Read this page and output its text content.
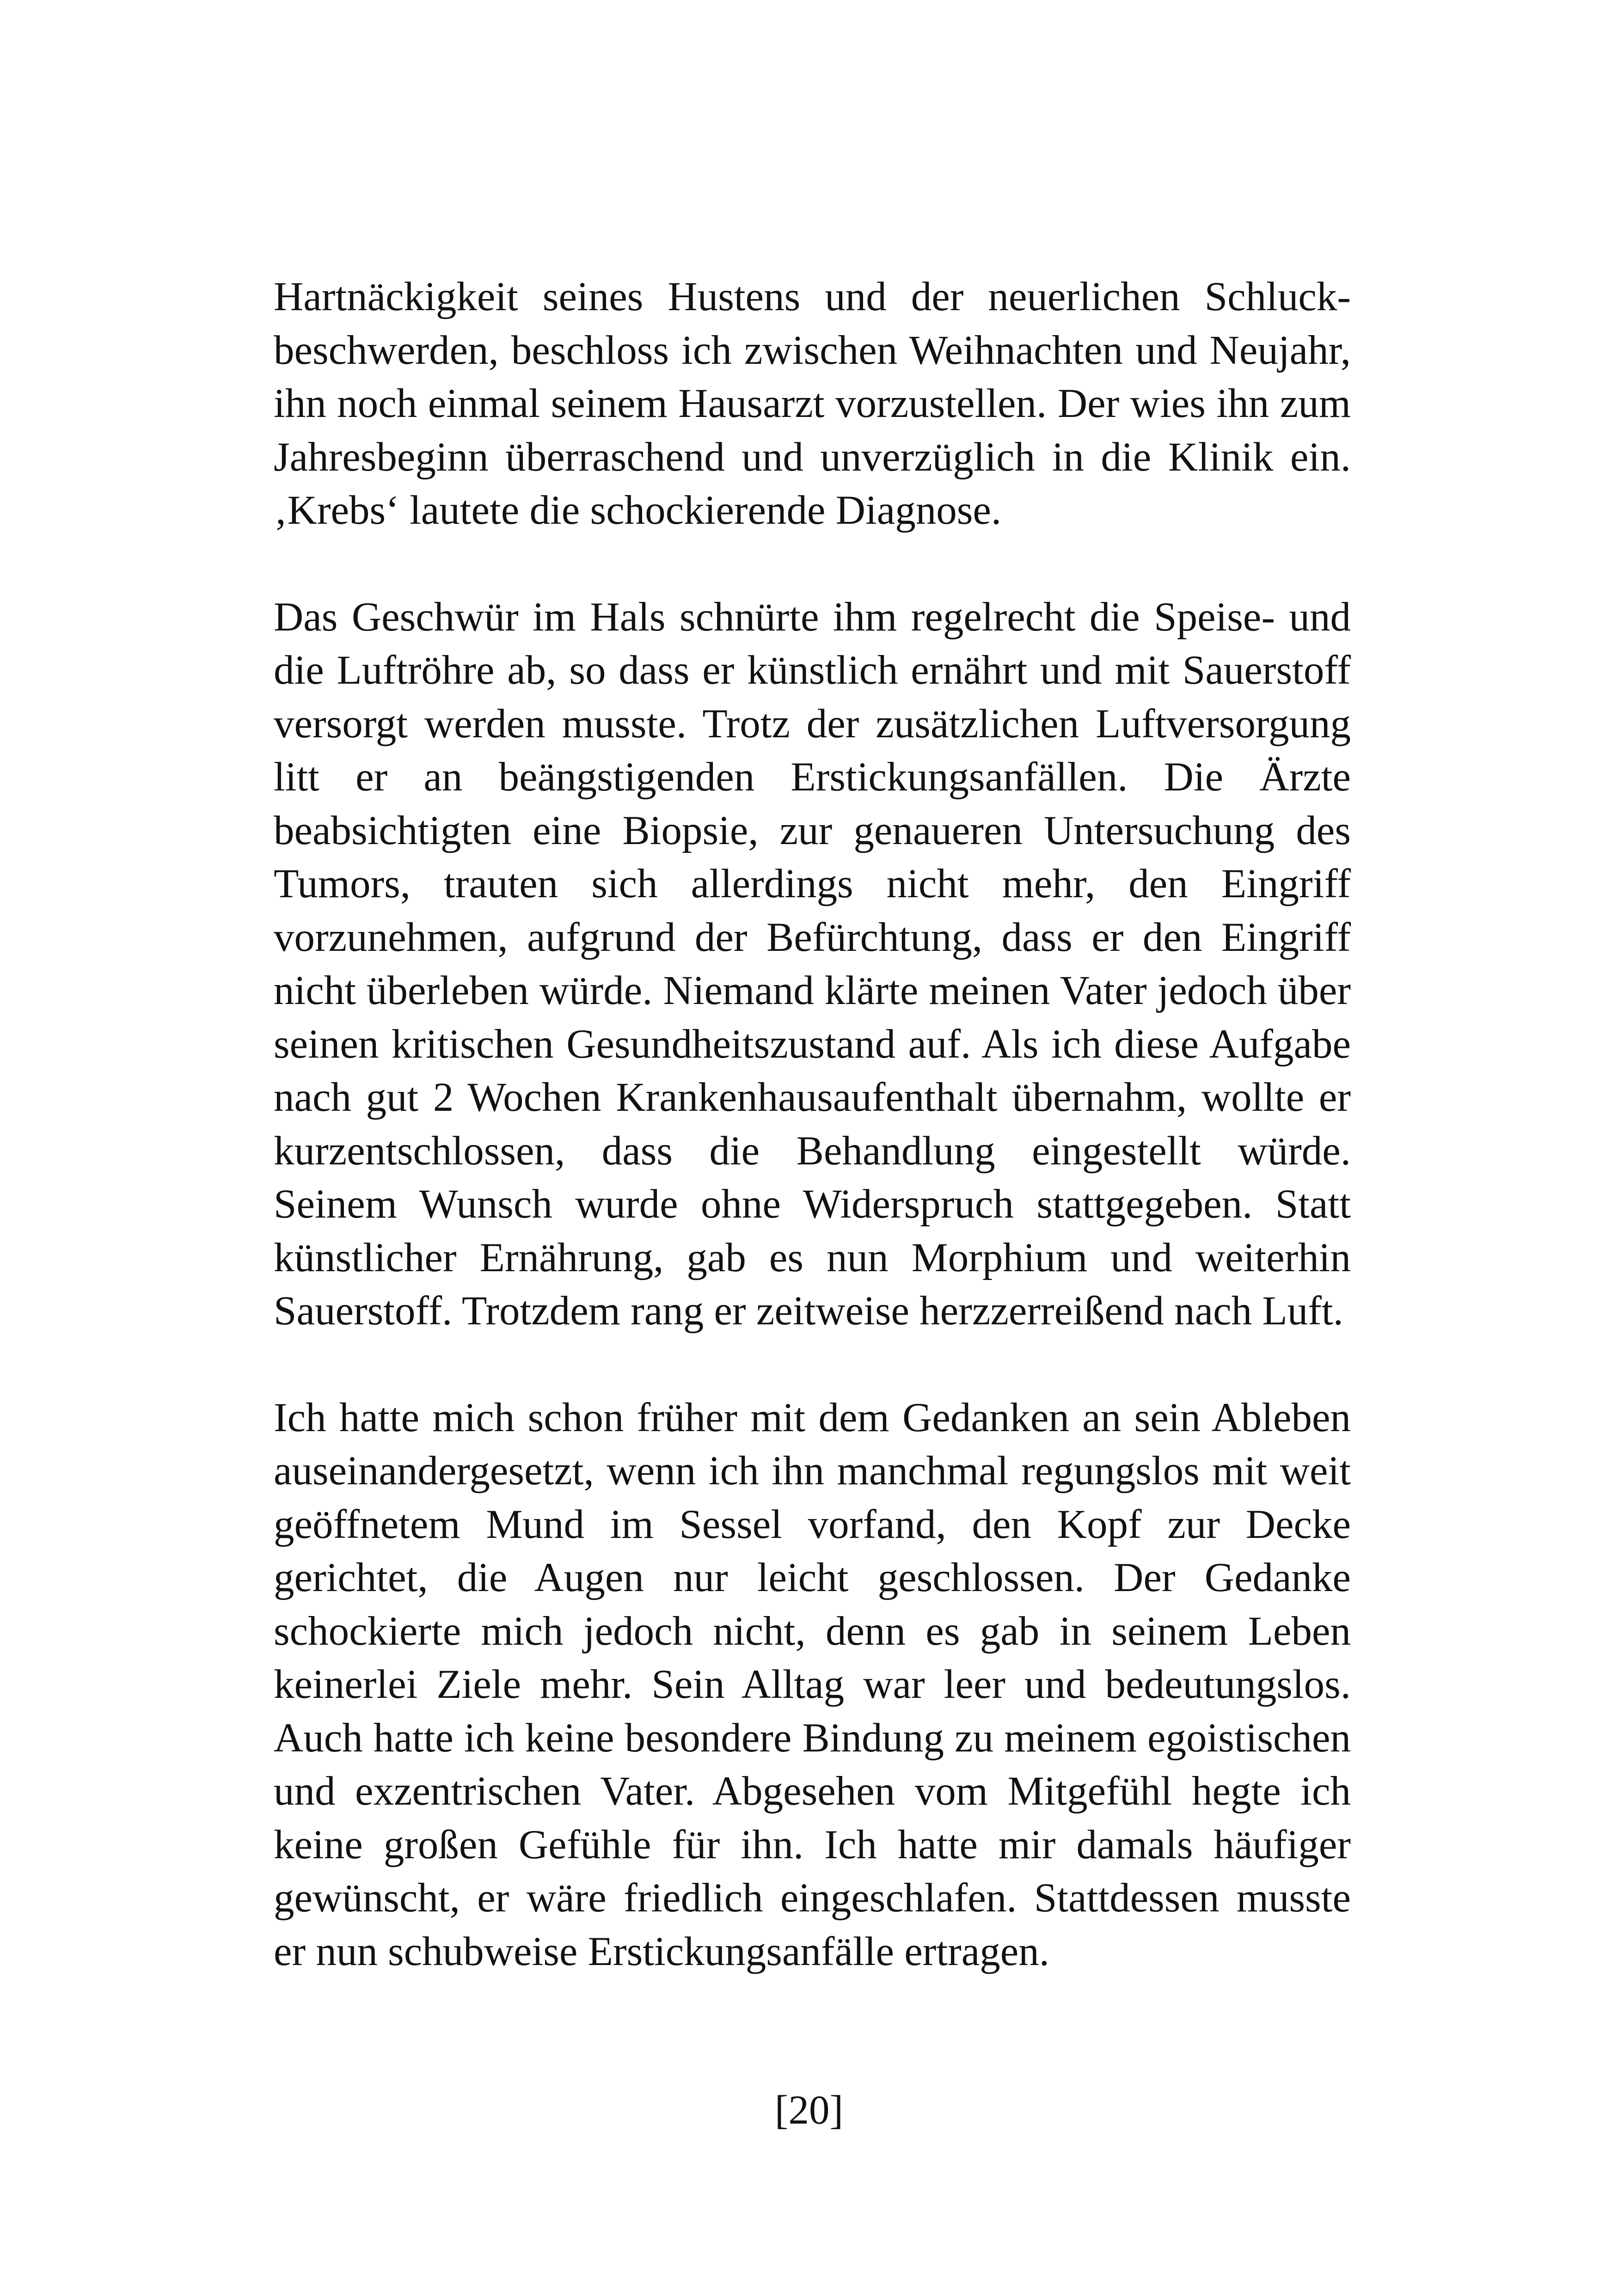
Hartnäckigkeit seines Hustens und der neuerlichen Schluckbeschwerden, beschloss ich zwischen Weihnachten und Neujahr, ihn noch einmal seinem Hausarzt vorzustellen. Der wies ihn zum Jahresbeginn überraschend und unverzüglich in die Klinik ein. ‚Krebs‘ lautete die schockierende Diagnose.

Das Geschwür im Hals schnürte ihm regelrecht die Speise- und die Luftröhre ab, so dass er künstlich ernährt und mit Sauerstoff versorgt werden musste. Trotz der zusätzlichen Luftversorgung litt er an beängstigenden Erstickungsanfällen. Die Ärzte beabsichtigten eine Biopsie, zur genaueren Untersuchung des Tumors, trauten sich allerdings nicht mehr, den Eingriff vorzunehmen, aufgrund der Befürchtung, dass er den Eingriff nicht überleben würde. Niemand klärte meinen Vater jedoch über seinen kritischen Gesundheitszustand auf. Als ich diese Aufgabe nach gut 2 Wochen Krankenhausaufenthalt übernahm, wollte er kurzentschlossen, dass die Behandlung eingestellt würde. Seinem Wunsch wurde ohne Widerspruch stattgegeben. Statt künstlicher Ernährung, gab es nun Morphium und weiterhin Sauerstoff. Trotzdem rang er zeitweise herzzerreißend nach Luft.

Ich hatte mich schon früher mit dem Gedanken an sein Ableben auseinandergesetzt, wenn ich ihn manchmal regungslos mit weit geöffnetem Mund im Sessel vorfand, den Kopf zur Decke gerichtet, die Augen nur leicht geschlossen. Der Gedanke schockierte mich jedoch nicht, denn es gab in seinem Leben keinerlei Ziele mehr. Sein Alltag war leer und bedeutungslos. Auch hatte ich keine besondere Bindung zu meinem egoistischen und exzentrischen Vater. Abgesehen vom Mitgefühl hegte ich keine großen Gefühle für ihn. Ich hatte mir damals häufiger gewünscht, er wäre friedlich eingeschlafen. Stattdessen musste er nun schubweise Erstickungsanfälle ertragen.

[20]
